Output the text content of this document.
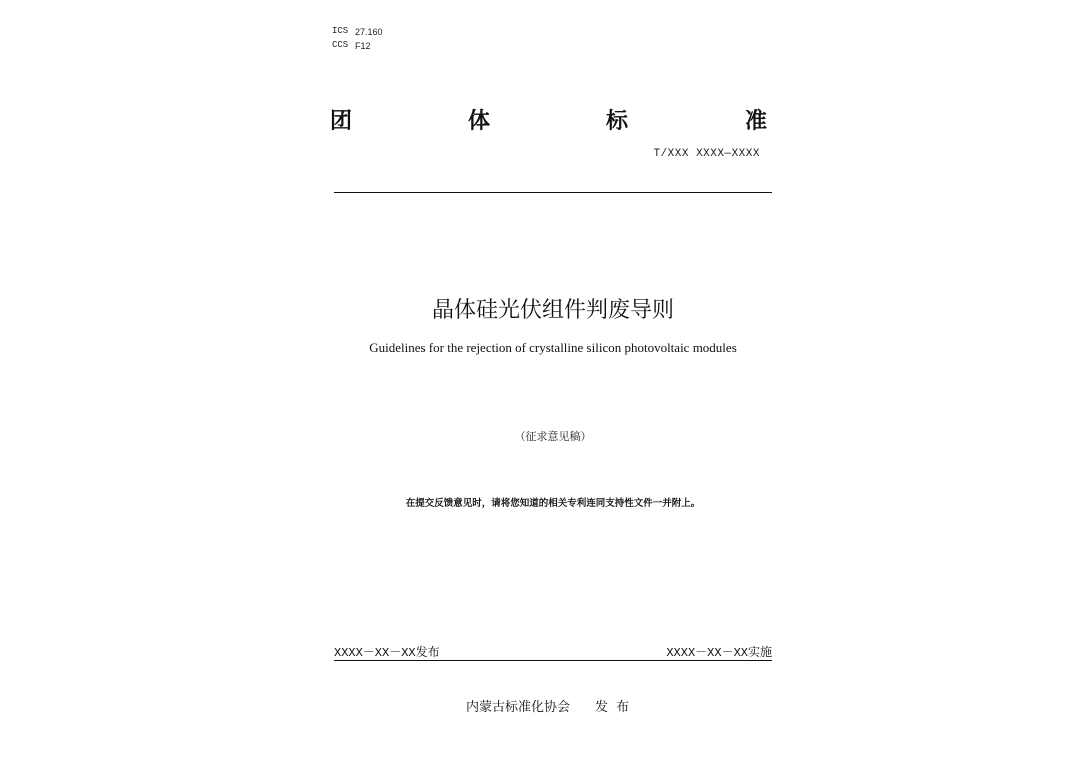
ICS 27.160
CCS F12
团	体	标	准
T/XXX XXXX—XXXX
晶体硅光伏组件判废导则
Guidelines for the rejection of crystalline silicon photovoltaic modules
（征求意见稿）
在提交反馈意见时，请将您知道的相关专利连同支持性文件一并附上。
XXXX－XX－XX发布	XXXX－XX－XX实施
内蒙古标准化协会 发 布
